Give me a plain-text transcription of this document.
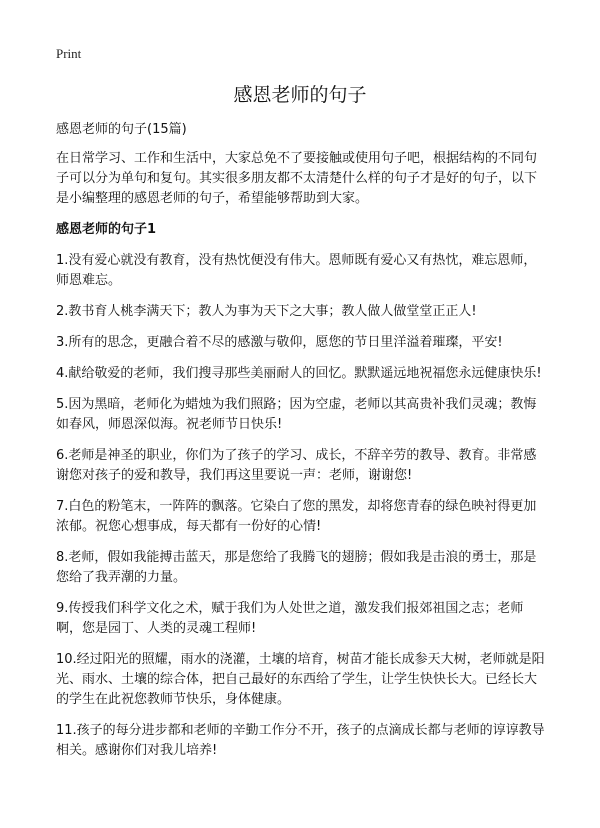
Print
感恩老师的句子

感恩老师的句子(15篇)

在日常学习、工作和生活中，大家总免不了要接触或使用句子吧，根据结构的不同句子可以分为单句和复句。其实很多朋友都不太清楚什么样的句子才是好的句子，以下是小编整理的感恩老师的句子，希望能够帮助到大家。

感恩老师的句子1

1.没有爱心就没有教育，没有热忱便没有伟大。恩师既有爱心又有热忱，难忘恩师，师恩难忘。

2.教书育人桃李满天下；教人为事为天下之大事；教人做人做堂堂正正人!

3.所有的思念，更融合着不尽的感激与敬仰，愿您的节日里洋溢着璀璨，平安!

4.献给敬爱的老师，我们搜寻那些美丽耐人的回忆。默默遥远地祝福您永远健康快乐!

5.因为黑暗，老师化为蜡烛为我们照路；因为空虚，老师以其高贵补我们灵魂；教悔如春风，师恩深似海。祝老师节日快乐!

6.老师是神圣的职业，你们为了孩子的学习、成长，不辞辛劳的教导、教育。非常感谢您对孩子的爱和教导，我们再这里要说一声：老师，谢谢您!

7.白色的粉笔末，一阵阵的飘落。它染白了您的黑发，却将您青春的绿色映衬得更加浓郁。祝您心想事成，每天都有一份好的心情!

8.老师，假如我能搏击蓝天，那是您给了我腾飞的翅膀；假如我是击浪的勇士，那是您给了我弄潮的力量。

9.传授我们科学文化之术，赋于我们为人处世之道，激发我们报郊祖国之志；老师啊，您是园丁、人类的灵魂工程师!

10.经过阳光的照耀，雨水的浇灌，土壤的培育，树苗才能长成参天大树，老师就是阳光、雨水、土壤的综合体，把自己最好的东西给了学生，让学生快快长大。已经长大的学生在此祝您教师节快乐，身体健康。

11.孩子的每分进步都和老师的辛勤工作分不开，孩子的点滴成长都与老师的谆谆教导相关。感谢你们对我儿培养!
